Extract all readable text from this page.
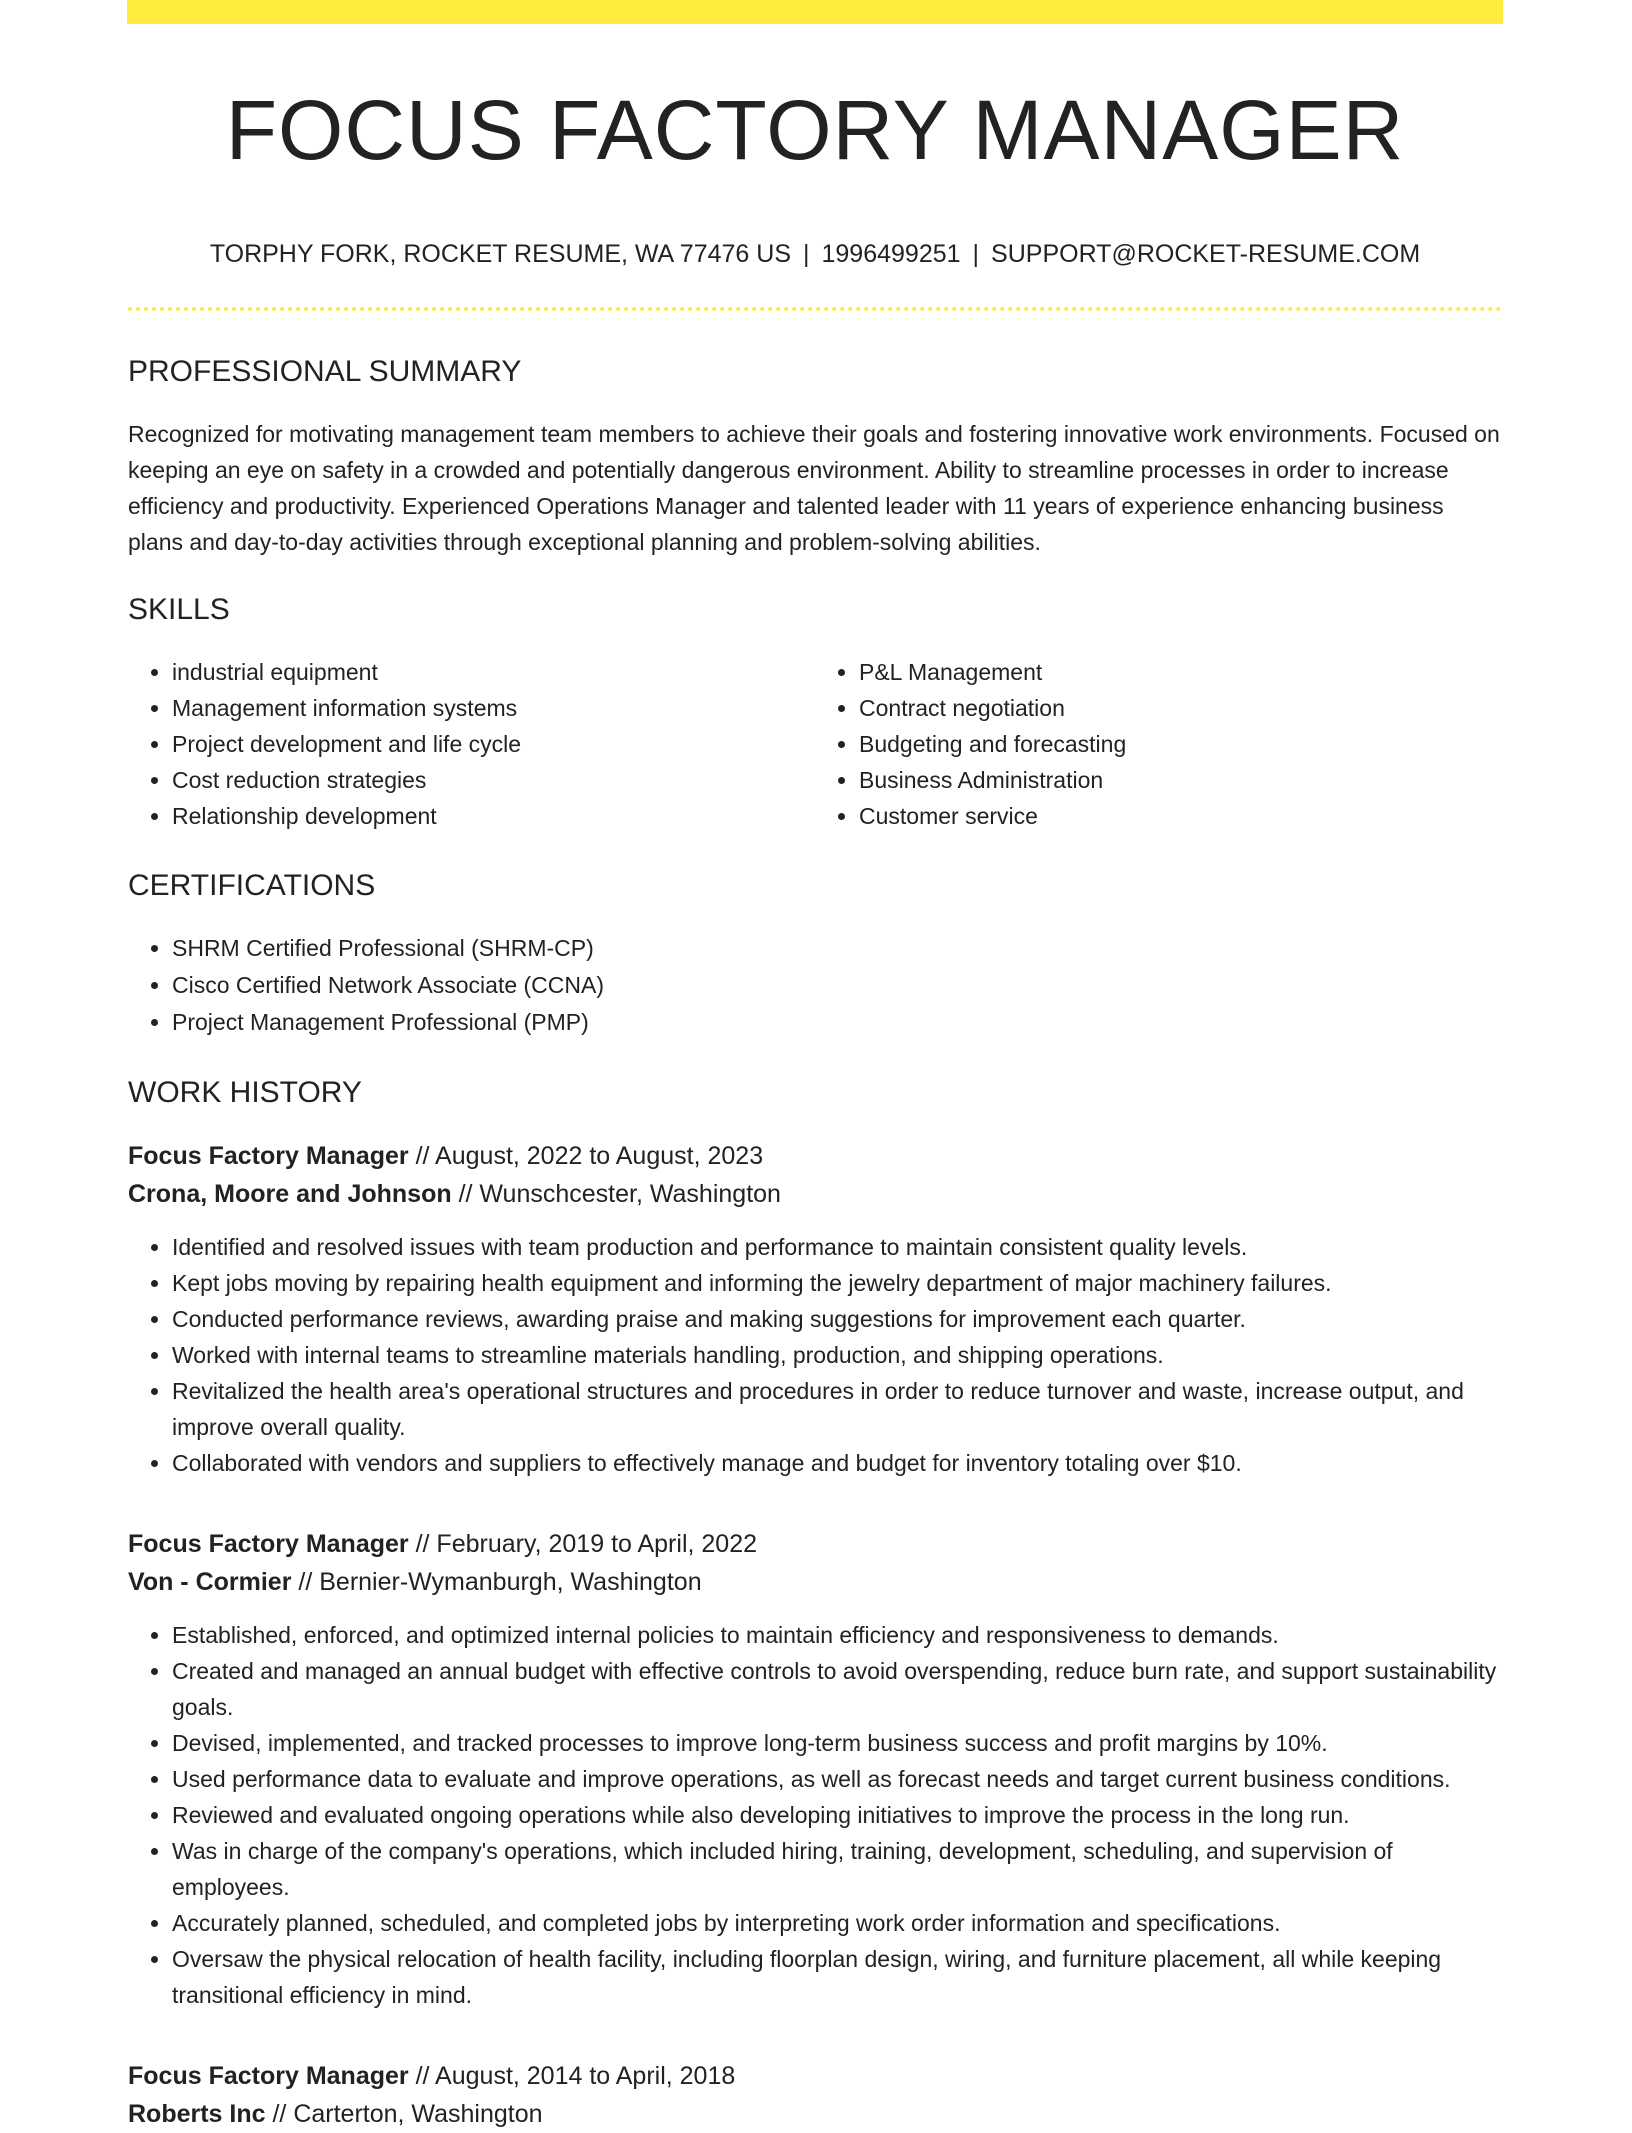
FOCUS FACTORY MANAGER
TORPHY FORK, ROCKET RESUME, WA 77476 US | 1996499251 | SUPPORT@ROCKET-RESUME.COM
PROFESSIONAL SUMMARY

Recognized for motivating management team members to achieve their goals and fostering innovative work environments. Focused on keeping an eye on safety in a crowded and potentially dangerous environment. Ability to streamline processes in order to increase efficiency and productivity. Experienced Operations Manager and talented leader with 11 years of experience enhancing business plans and day-to-day activities through exceptional planning and problem-solving abilities.

SKILLS
• industrial equipment
• Management information systems
• Project development and life cycle
• Cost reduction strategies
• Relationship development
• P&L Management
• Contract negotiation
• Budgeting and forecasting
• Business Administration
• Customer service
CERTIFICATIONS
• SHRM Certified Professional (SHRM-CP)
• Cisco Certified Network Associate (CCNA)
• Project Management Professional (PMP)
WORK HISTORY
Focus Factory Manager // August, 2022 to August, 2023
Crona, Moore and Johnson // Wunschcester, Washington
• Identified and resolved issues with team production and performance to maintain consistent quality levels.
• Kept jobs moving by repairing health equipment and informing the jewelry department of major machinery failures.
• Conducted performance reviews, awarding praise and making suggestions for improvement each quarter.
• Worked with internal teams to streamline materials handling, production, and shipping operations.
• Revitalized the health area's operational structures and procedures in order to reduce turnover and waste, increase output, and improve overall quality.
• Collaborated with vendors and suppliers to effectively manage and budget for inventory totaling over $10.
Focus Factory Manager // February, 2019 to April, 2022
Von - Cormier // Bernier-Wymanburgh, Washington
• Established, enforced, and optimized internal policies to maintain efficiency and responsiveness to demands.
• Created and managed an annual budget with effective controls to avoid overspending, reduce burn rate, and support sustainability goals.
• Devised, implemented, and tracked processes to improve long-term business success and profit margins by 10%.
• Used performance data to evaluate and improve operations, as well as forecast needs and target current business conditions.
• Reviewed and evaluated ongoing operations while also developing initiatives to improve the process in the long run.
• Was in charge of the company's operations, which included hiring, training, development, scheduling, and supervision of employees.
• Accurately planned, scheduled, and completed jobs by interpreting work order information and specifications.
• Oversaw the physical relocation of health facility, including floorplan design, wiring, and furniture placement, all while keeping transitional efficiency in mind.
Focus Factory Manager // August, 2014 to April, 2018
Roberts Inc // Carterton, Washington
